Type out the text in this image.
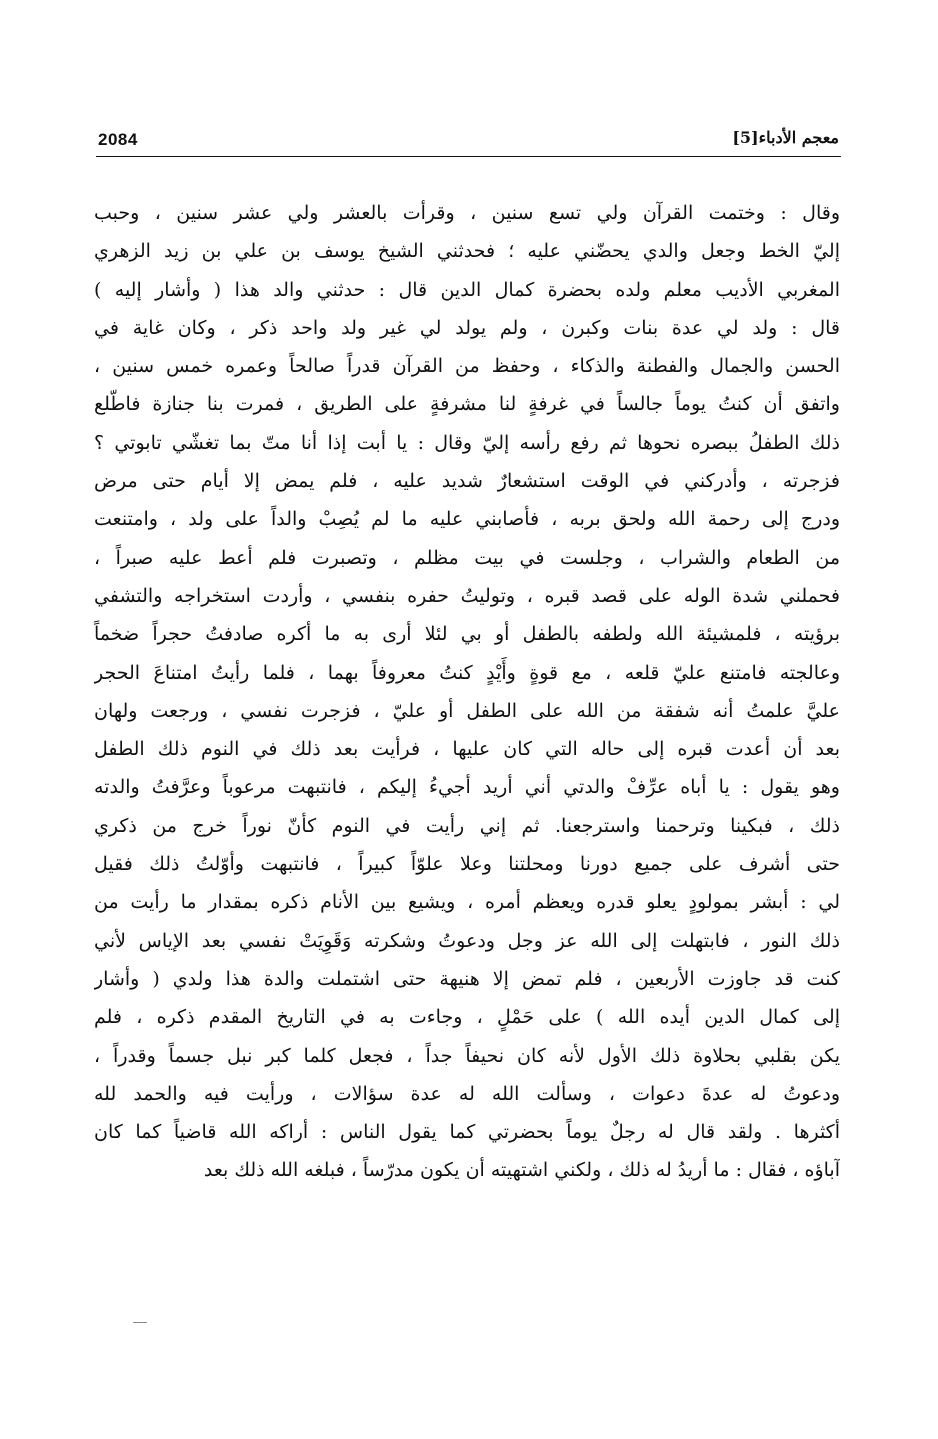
2084	معجم الأدباء[5]
وقال : وختمت القرآن ولي تسع سنين ، وقرأت بالعشر ولي عشر سنين ، وحبب
إليّ الخط وجعل والدي يحضّني عليه ؛ فحدثني الشيخ يوسف بن علي بن زيد الزهري
المغربي الأديب معلم ولده بحضرة كمال الدين قال : حدثني والد هذا ( وأشار إليه )
قال : ولد لي عدة بنات وكبرن ، ولم يولد لي غير ولد واحد ذكر ، وكان غاية في
الحسن والجمال والفطنة والذكاء ، وحفظ من القرآن قدراً صالحاً وعمره خمس سنين ،
واتفق أن كنتُ يوماً جالساً في غرفةٍ لنا مشرفةٍ على الطريق ، فمرت بنا جنازة فاطّلع
ذلك الطفلُ ببصره نحوها ثم رفع رأسه إليّ وقال : يا أبت إذا أنا متّ بما تغشّي تابوتي ؟
فزجرته ، وأدركني في الوقت استشعارٌ شديد عليه ، فلم يمض إلا أيام حتى مرض
ودرج إلى رحمة الله ولحق بربه ، فأصابني عليه ما لم يُصِبْ والداً على ولد ، وامتنعت
من الطعام والشراب ، وجلست في بيت مظلم ، وتصبرت فلم أعط عليه صبراً ،
فحملني شدة الوله على قصد قبره ، وتوليتُ حفره بنفسي ، وأردت استخراجه والتشفي
برؤيته ، فلمشيئة الله ولطفه بالطفل أو بي لئلا أرى به ما أكره صادفتُ حجراً ضخماً
وعالجته فامتنع عليّ قلعه ، مع قوةٍ وأَيْدٍ كنتُ معروفاً بهما ، فلما رأيتُ امتناعَ الحجر
عليَّ علمتُ أنه شفقة من الله على الطفل أو عليّ ، فزجرت نفسي ، ورجعت ولهان
بعد أن أعدت قبره إلى حاله التي كان عليها ، فرأيت بعد ذلك في النوم ذلك الطفل
وهو يقول : يا أباه عرِّفْ والدتي أني أريد أجيءُ إليكم ، فانتبهت مرعوباً وعرَّفتُ والدته
ذلك ، فبكينا وترحمنا واسترجعنا. ثم إني رأيت في النوم كأنّ نوراً خرج من ذكري
حتى أشرف على جميع دورنا ومحلتنا وعلا علوّاً كبيراً ، فانتبهت وأوّلتُ ذلك فقيل
لي : أبشر بمولودٍ يعلو قدره ويعظم أمره ، ويشيع بين الأنام ذكره بمقدار ما رأيت من
ذلك النور ، فابتهلت إلى الله عز وجل ودعوتُ وشكرته وَقَوِيَتْ نفسي بعد الإياس لأني
كنت قد جاوزت الأربعين ، فلم تمض إلا هنيهة حتى اشتملت والدة هذا ولدي ( وأشار
إلى كمال الدين أيده الله ) على حَمْلٍ ، وجاءت به في التاريخ المقدم ذكره ، فلم
يكن بقلبي بحلاوة ذلك الأول لأنه كان نحيفاً جداً ، فجعل كلما كبر نبل جسماً وقدراً ،
ودعوتُ له عدةَ دعوات ، وسألت الله له عدة سؤالات ، ورأيت فيه والحمد لله
أكثرها . ولقد قال له رجلٌ يوماً بحضرتي كما يقول الناس : أراكه الله قاضياً كما كان
آباؤه ، فقال : ما أريدُ له ذلك ، ولكني اشتهيته أن يكون مدرّساً ، فبلغه الله ذلك بعد
